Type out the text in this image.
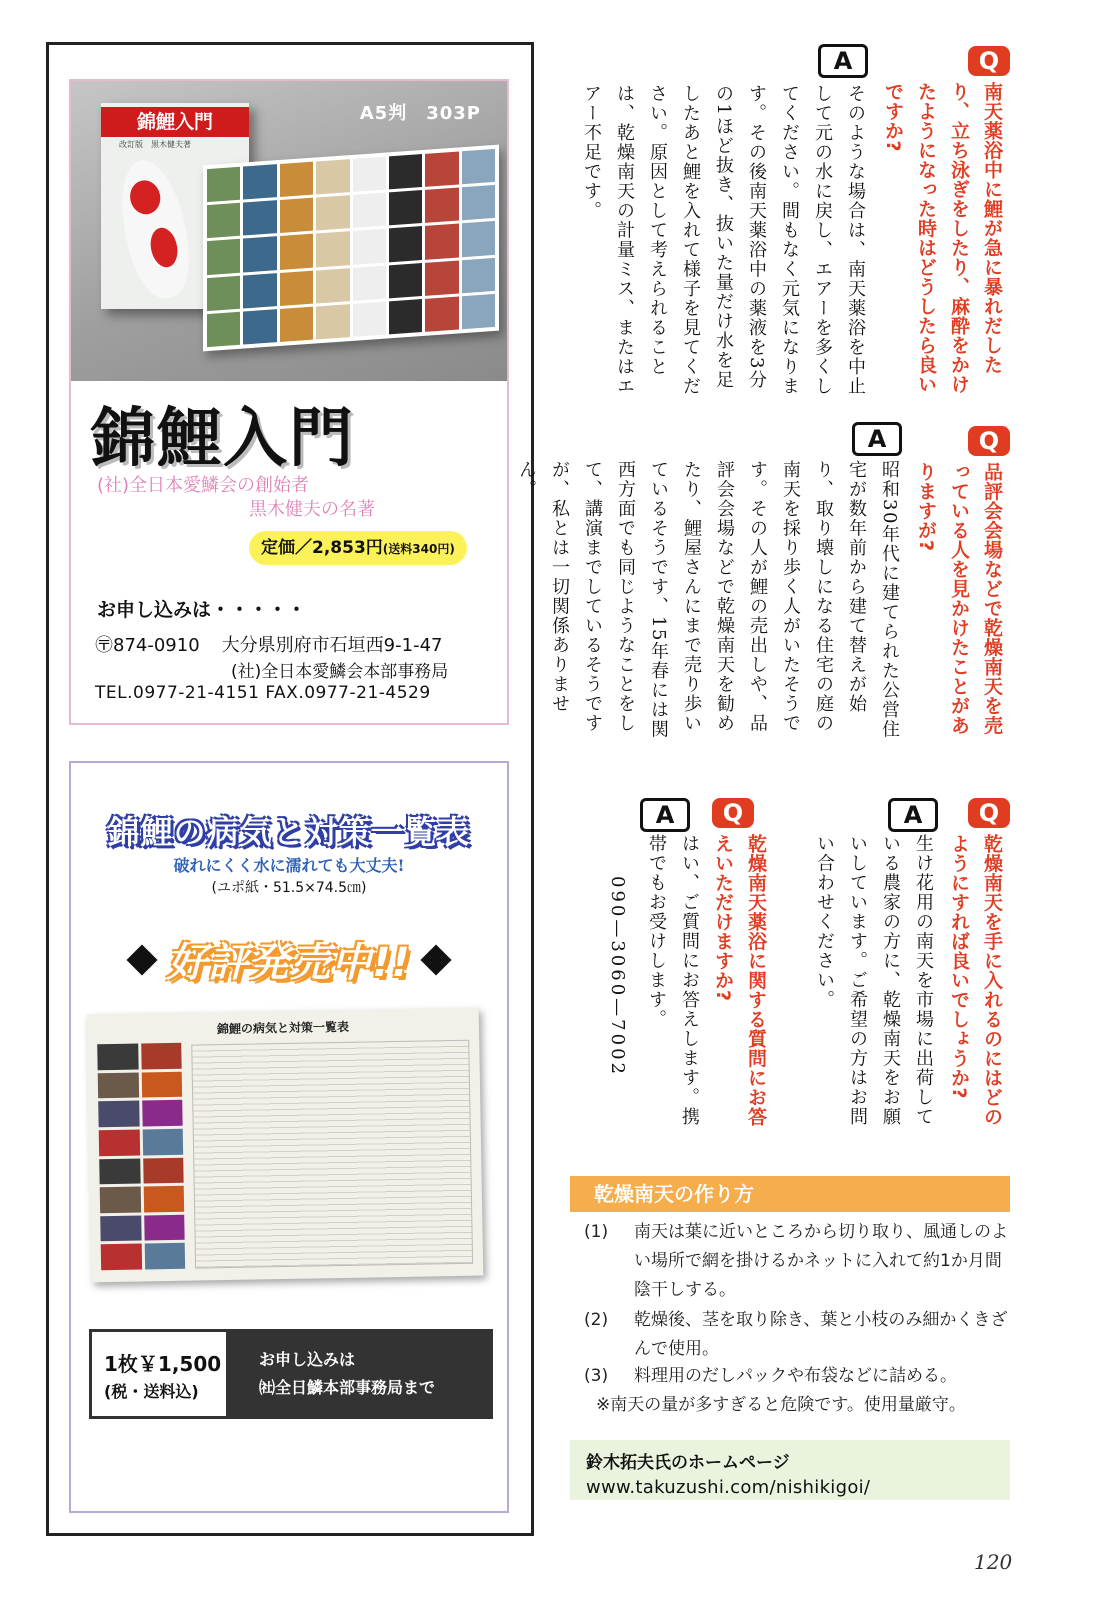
A5判　303P
錦鯉入門
改訂版　黒木健夫著
錦鯉入門
(社)全日本愛鱗会の創始者
黒木健夫の名著
定価／2,853円(送料340円)
お申し込みは・・・・・
〶874-0910 大分県別府市石垣西9-1-47
(社)全日本愛鱗会本部事務局
TEL.0977-21-4151 FAX.0977-21-4529
錦鯉の病気と対策一覧表
破れにくく水に濡れても大丈夫!
(ユポ紙・51.5×74.5㎝)
好評発売中!!
錦鯉の病気と対策一覧表
1枚￥1,500
(税・送料込)
お申し込みは
㈳全日鱗本部事務局まで
Q
南天薬浴中に鯉が急に暴れだしたり、立ち泳ぎをしたり、麻酔をかけたようになった時はどうしたら良いですか?
A
そのような場合は、南天薬浴を中止して元の水に戻し、エアーを多くしてください。間もなく元気になります。その後南天薬浴中の薬液を3分の1ほど抜き、抜いた量だけ水を足したあと鯉を入れて様子を見てください。原因として考えられることは、乾燥南天の計量ミス、またはエアー不足です。
Q
品評会会場などで乾燥南天を売っている人を見かけたことがありますが?
A
昭和30年代に建てられた公営住宅が数年前から建て替えが始り、取り壊しになる住宅の庭の南天を採り歩く人がいたそうです。その人が鯉の売出しや、品評会会場などで乾燥南天を勧めたり、鯉屋さんにまで売り歩いているそうです、15年春には関西方面でも同じようなことをして、講演までしているそうですが、私とは一切関係ありません。
Q
乾燥南天を手に入れるのにはどのようにすれば良いでしょうか?
A
生け花用の南天を市場に出荷している農家の方に、乾燥南天をお願いしています。ご希望の方はお問い合わせください。
Q
乾燥南天薬浴に関する質問にお答えいただけますか?
A
はい、ご質問にお答えします。携帯でもお受けします。
090—3060—7002
乾燥南天の作り方
(1)	南天は葉に近いところから切り取り、風通しのよい場所で網を掛けるかネットに入れて約1か月間陰干しする。
(2)	乾燥後、茎を取り除き、葉と小枝のみ細かくきざんで使用。
(3)	料理用のだしパックや布袋などに詰める。
※南天の量が多すぎると危険です。使用量厳守。
鈴木拓夫氏のホームページ
www.takuzushi.com/nishikigoi/
120
